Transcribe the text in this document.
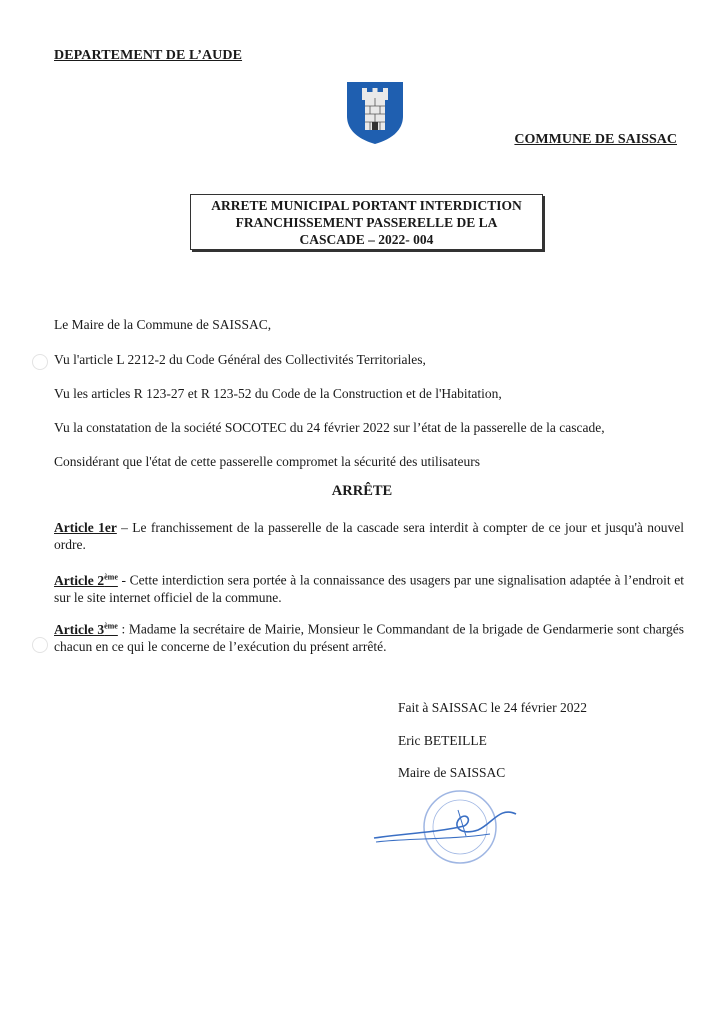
DEPARTEMENT DE L’AUDE
COMMUNE DE SAISSAC
ARRETE MUNICIPAL PORTANT INTERDICTION
FRANCHISSEMENT PASSERELLE DE LA
CASCADE – 2022- 004
Le Maire de la Commune de SAISSAC,
Vu l'article L 2212-2 du Code Général des Collectivités Territoriales,
Vu les articles R 123-27 et R 123-52 du Code de la Construction et de l'Habitation,
Vu la constatation de la société SOCOTEC du 24 février 2022 sur l’état de la passerelle de la cascade,
Considérant que l'état de cette passerelle compromet la sécurité des utilisateurs
ARRÊTE
Article 1er – Le franchissement de la passerelle de la cascade sera interdit à compter de ce jour et jusqu'à nouvel ordre.
Article 2ème - Cette interdiction sera portée à la connaissance des usagers par une signalisation adaptée à l’endroit et sur le site internet officiel de la commune.
Article 3ème : Madame la secrétaire de Mairie, Monsieur le Commandant de la brigade de Gendarmerie sont chargés chacun en ce qui le concerne de l’exécution du présent arrêté.
Fait à SAISSAC le 24 février 2022
Eric BETEILLE
Maire de SAISSAC
